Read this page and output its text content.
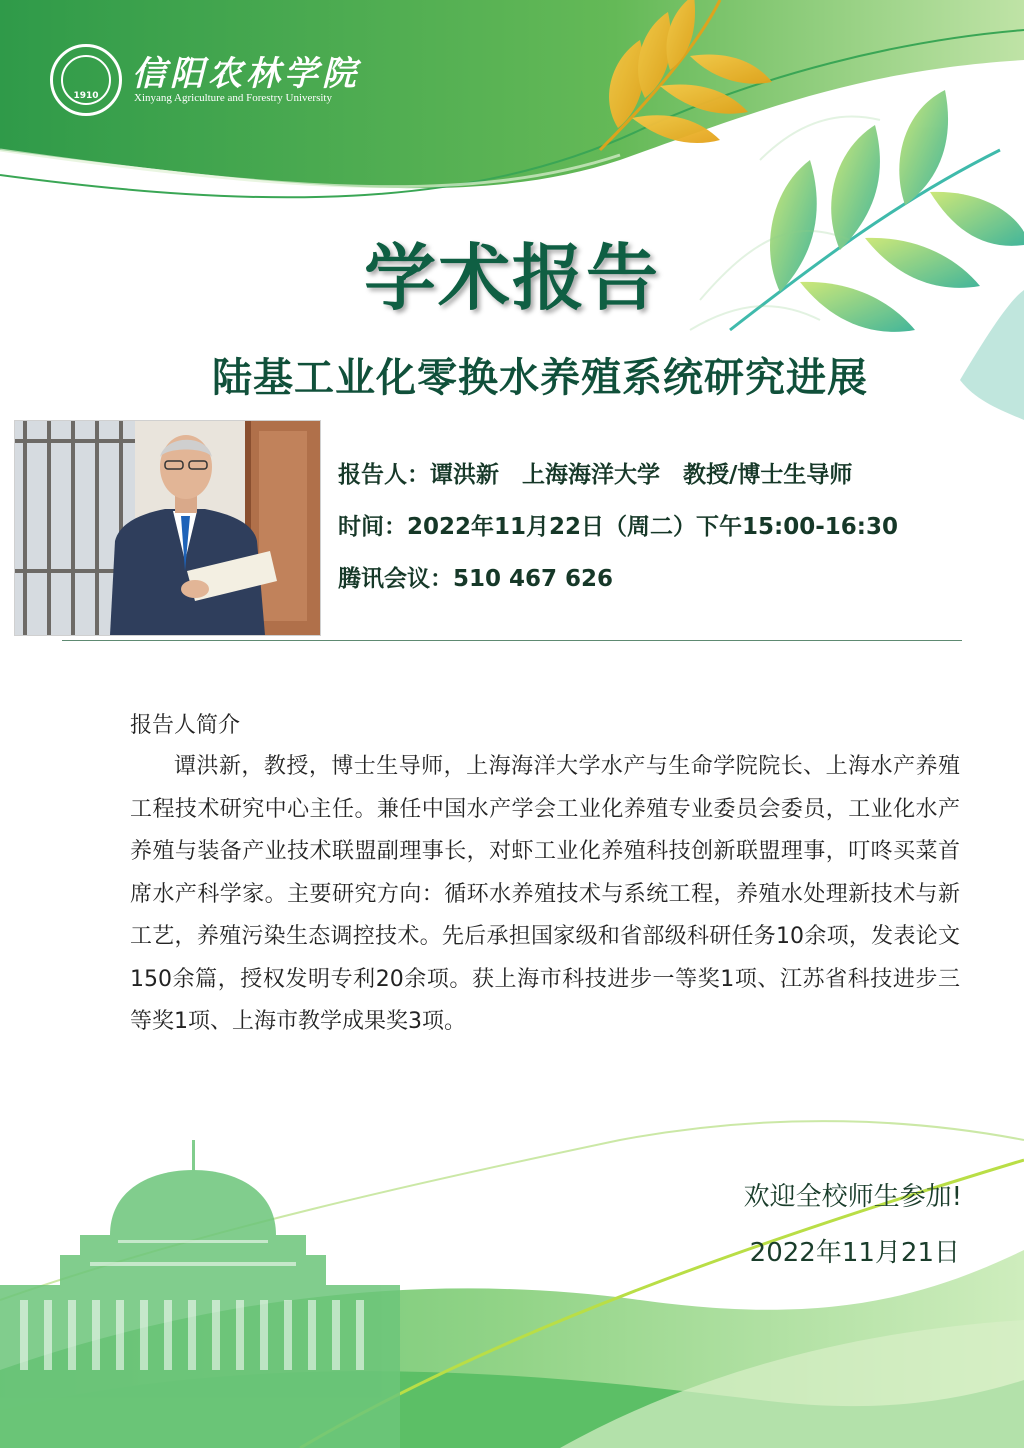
1910
信阳农林学院
Xinyang Agriculture and Forestry University
学术报告
陆基工业化零换水养殖系统研究进展
报告人：谭洪新　上海海洋大学　教授/博士生导师
时间：2022年11月22日（周二）下午15:00-16:30
腾讯会议：510 467 626
报告人简介
谭洪新，教授，博士生导师，上海海洋大学水产与生命学院院长、上海水产养殖工程技术研究中心主任。兼任中国水产学会工业化养殖专业委员会委员，工业化水产养殖与装备产业技术联盟副理事长，对虾工业化养殖科技创新联盟理事，叮咚买菜首席水产科学家。主要研究方向：循环水养殖技术与系统工程，养殖水处理新技术与新工艺，养殖污染生态调控技术。先后承担国家级和省部级科研任务10余项，发表论文150余篇，授权发明专利20余项。获上海市科技进步一等奖1项、江苏省科技进步三等奖1项、上海市教学成果奖3项。
欢迎全校师生参加!
2022年11月21日
